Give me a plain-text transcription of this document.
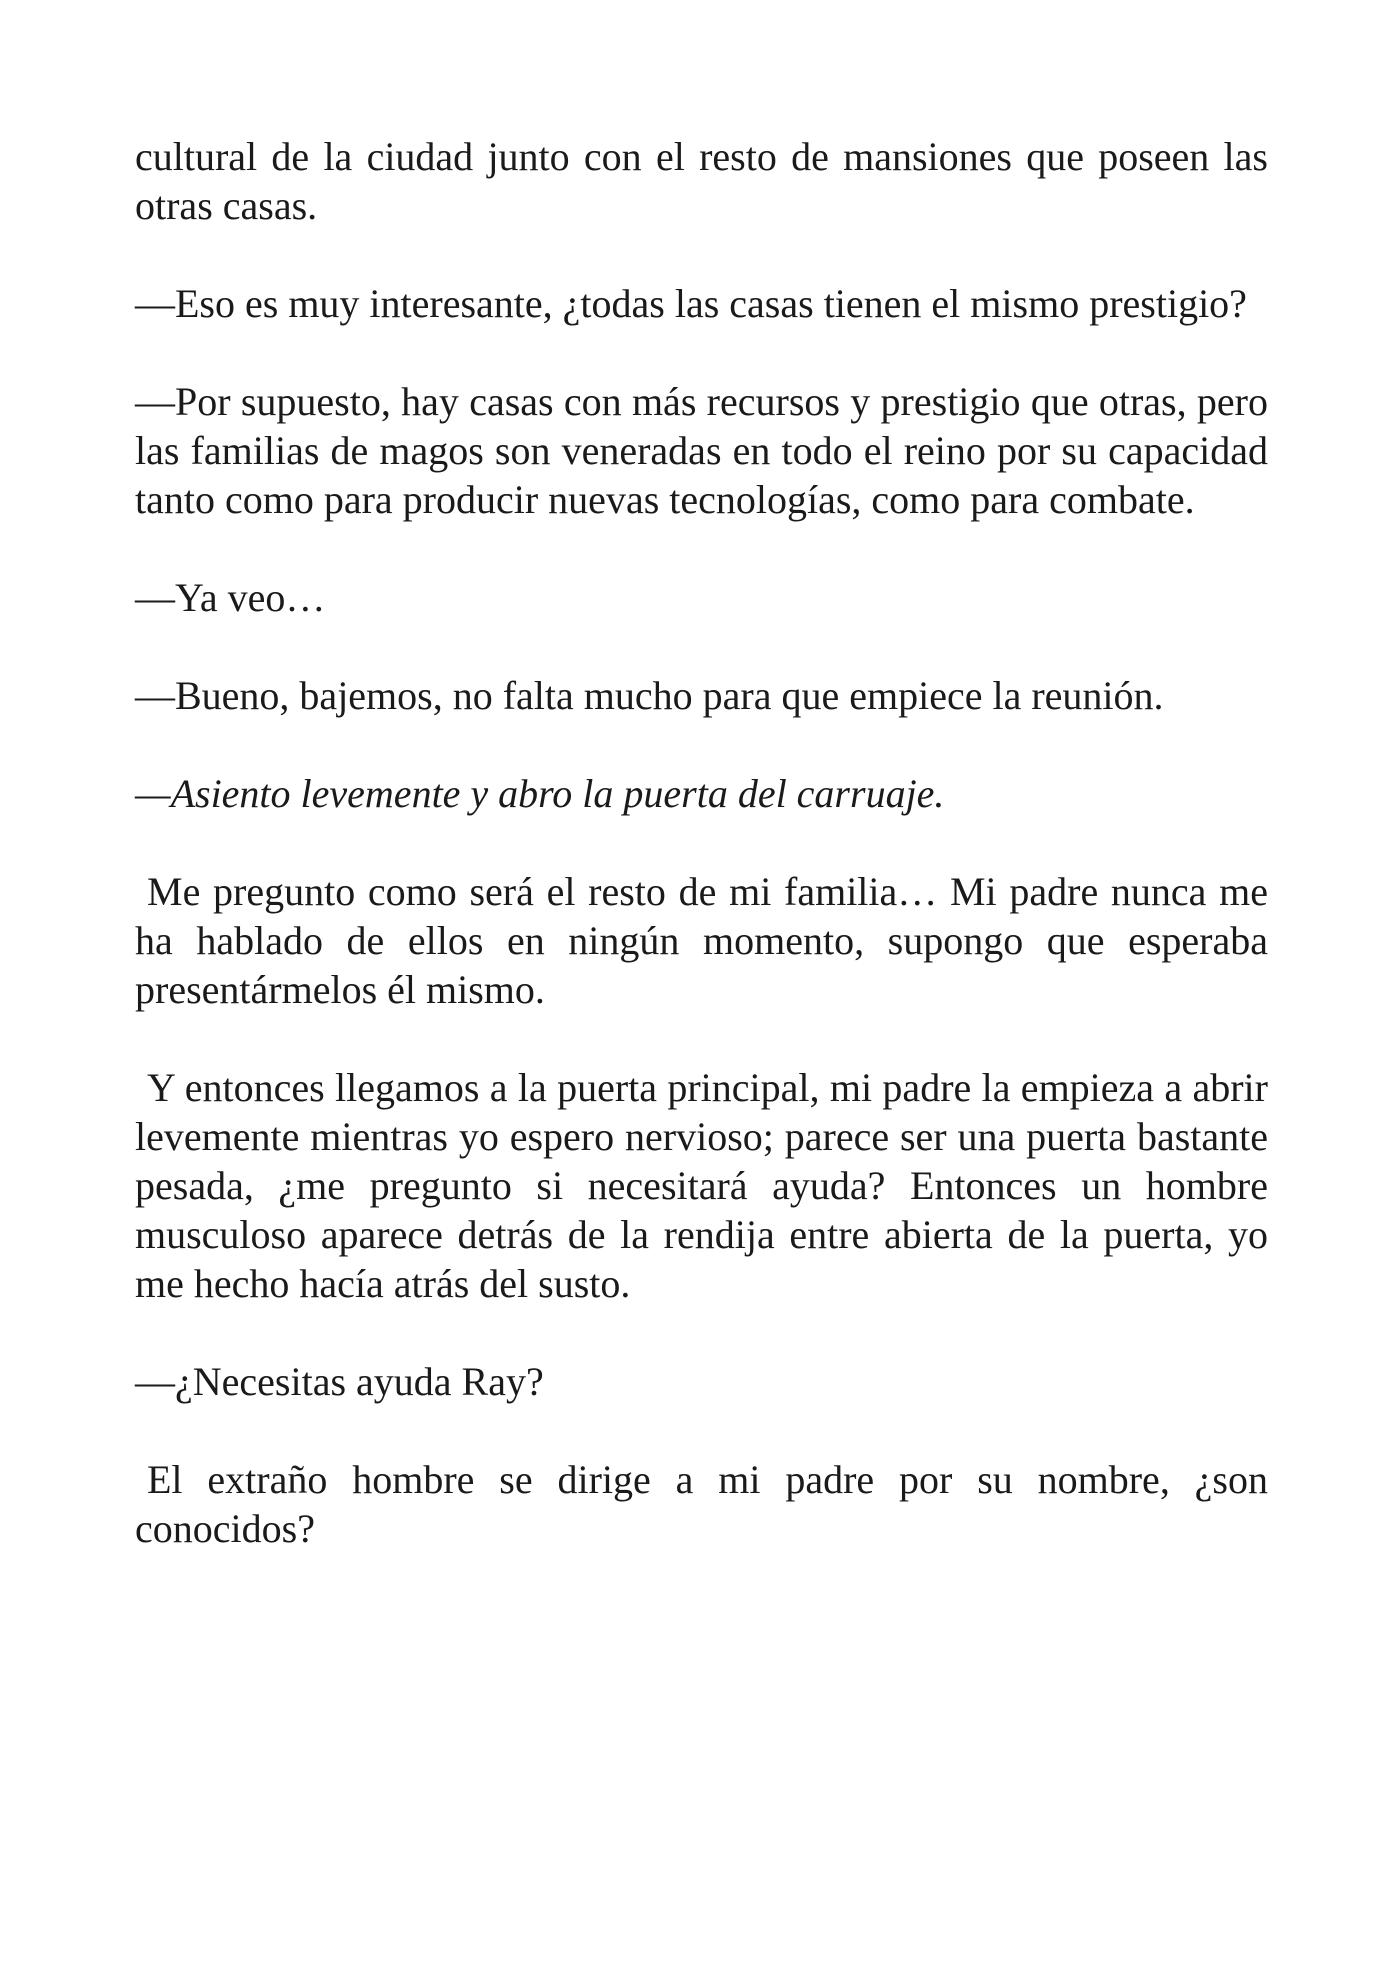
cultural de la ciudad junto con el resto de mansiones que poseen las otras casas.

—Eso es muy interesante, ¿todas las casas tienen el mismo prestigio?

—Por supuesto, hay casas con más recursos y prestigio que otras, pero las familias de magos son veneradas en todo el reino por su capacidad tanto como para producir nuevas tecnologías, como para combate.

—Ya veo…

—Bueno, bajemos, no falta mucho para que empiece la reunión.

—Asiento levemente y abro la puerta del carruaje.

Me pregunto como será el resto de mi familia… Mi padre nunca me ha hablado de ellos en ningún momento, supongo que esperaba presentármelos él mismo.

Y entonces llegamos a la puerta principal, mi padre la empieza a abrir levemente mientras yo espero nervioso; parece ser una puerta bastante pesada, ¿me pregunto si necesitará ayuda? Entonces un hombre musculoso aparece detrás de la rendija entre abierta de la puerta, yo me hecho hacía atrás del susto.

—¿Necesitas ayuda Ray?

El extraño hombre se dirige a mi padre por su nombre, ¿son conocidos?
